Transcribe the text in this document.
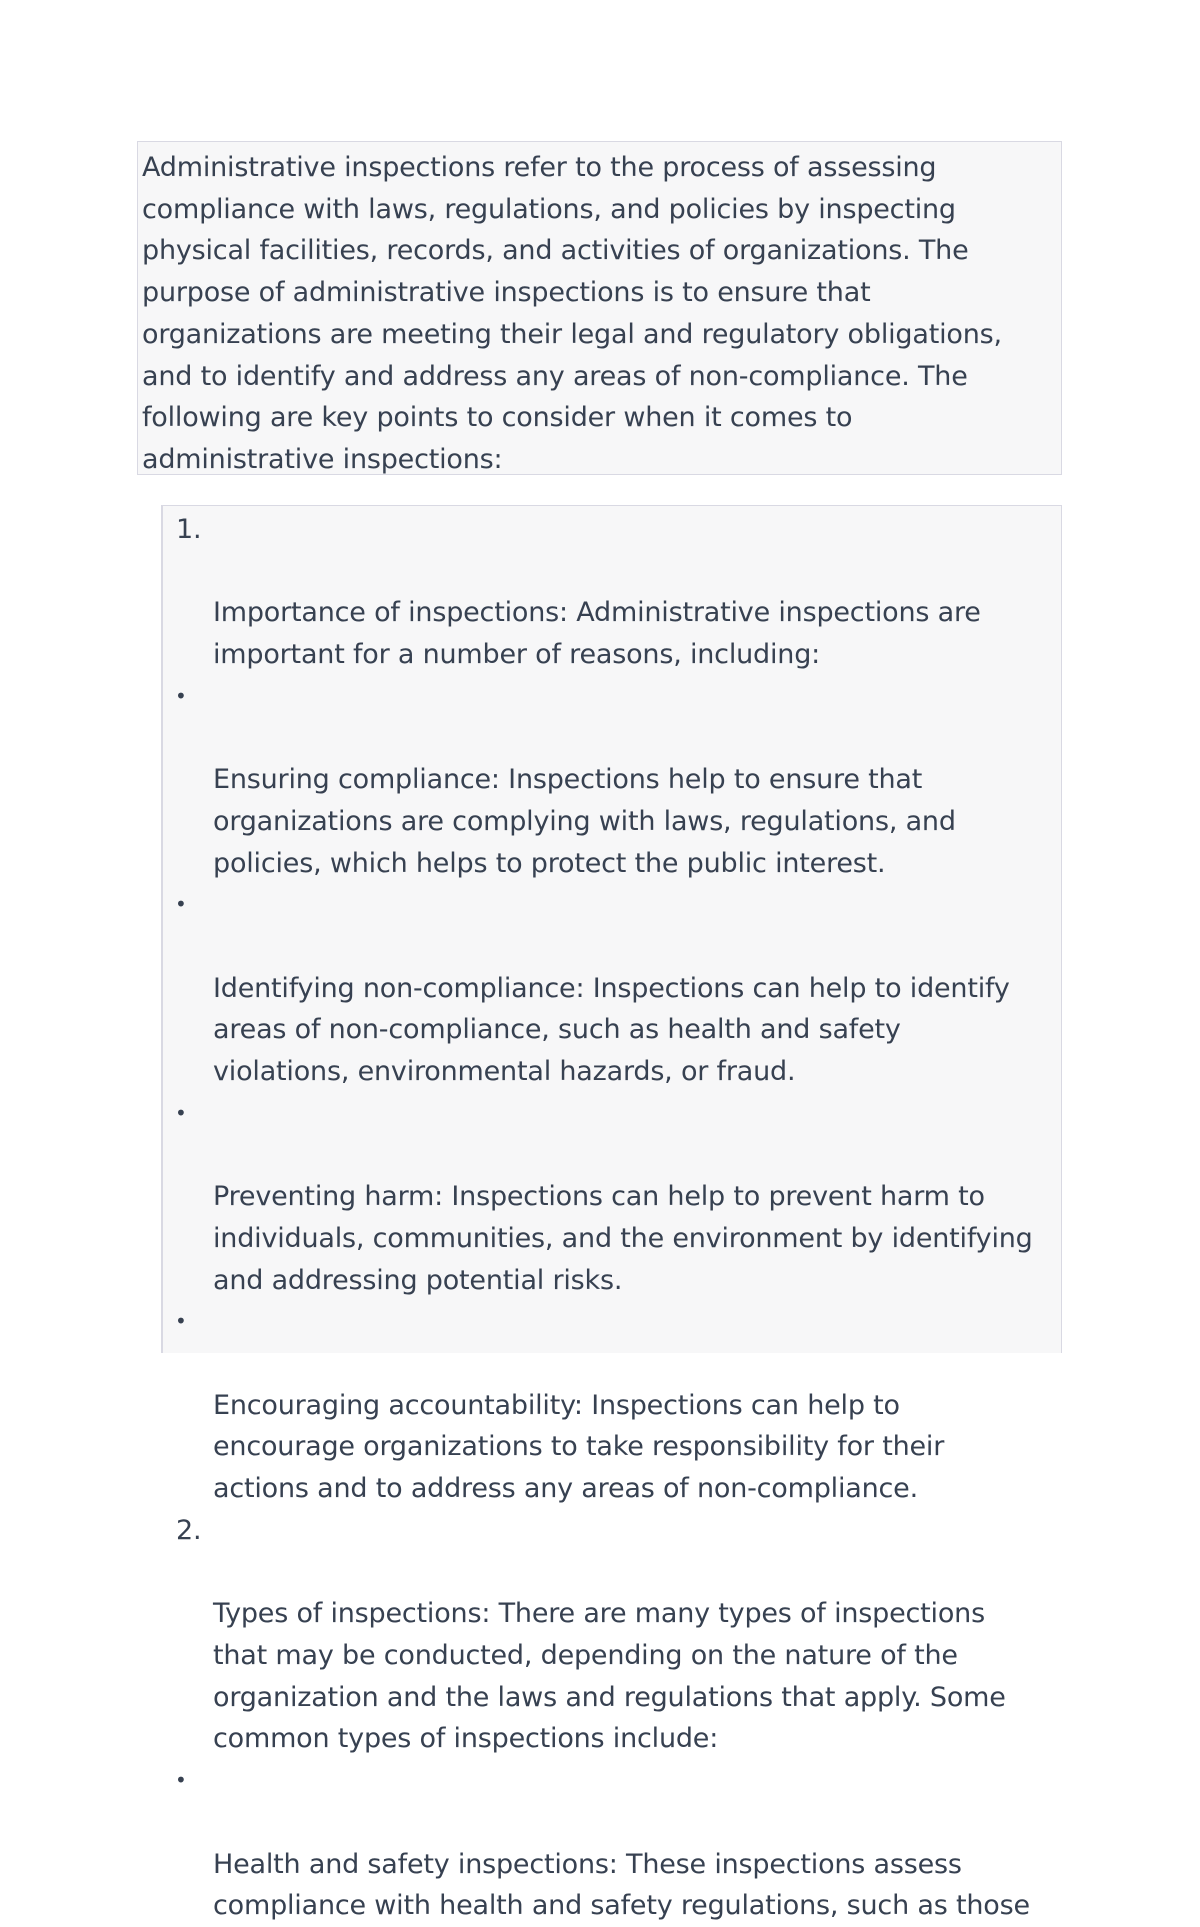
Administrative inspections refer to the process of assessing
compliance with laws, regulations, and policies by inspecting
physical facilities, records, and activities of organizations. The
purpose of administrative inspections is to ensure that
organizations are meeting their legal and regulatory obligations,
and to identify and address any areas of non-compliance. The
following are key points to consider when it comes to
administrative inspections:

1.

Importance of inspections: Administrative inspections are
important for a number of reasons, including:

•

Ensuring compliance: Inspections help to ensure that
organizations are complying with laws, regulations, and
policies, which helps to protect the public interest.

•

Identifying non-compliance: Inspections can help to identify
areas of non-compliance, such as health and safety
violations, environmental hazards, or fraud.

•

Preventing harm: Inspections can help to prevent harm to
individuals, communities, and the environment by identifying
and addressing potential risks.

•

Encouraging accountability: Inspections can help to
encourage organizations to take responsibility for their
actions and to address any areas of non-compliance.

2.

Types of inspections: There are many types of inspections
that may be conducted, depending on the nature of the
organization and the laws and regulations that apply. Some
common types of inspections include:

•

Health and safety inspections: These inspections assess
compliance with health and safety regulations, such as those
